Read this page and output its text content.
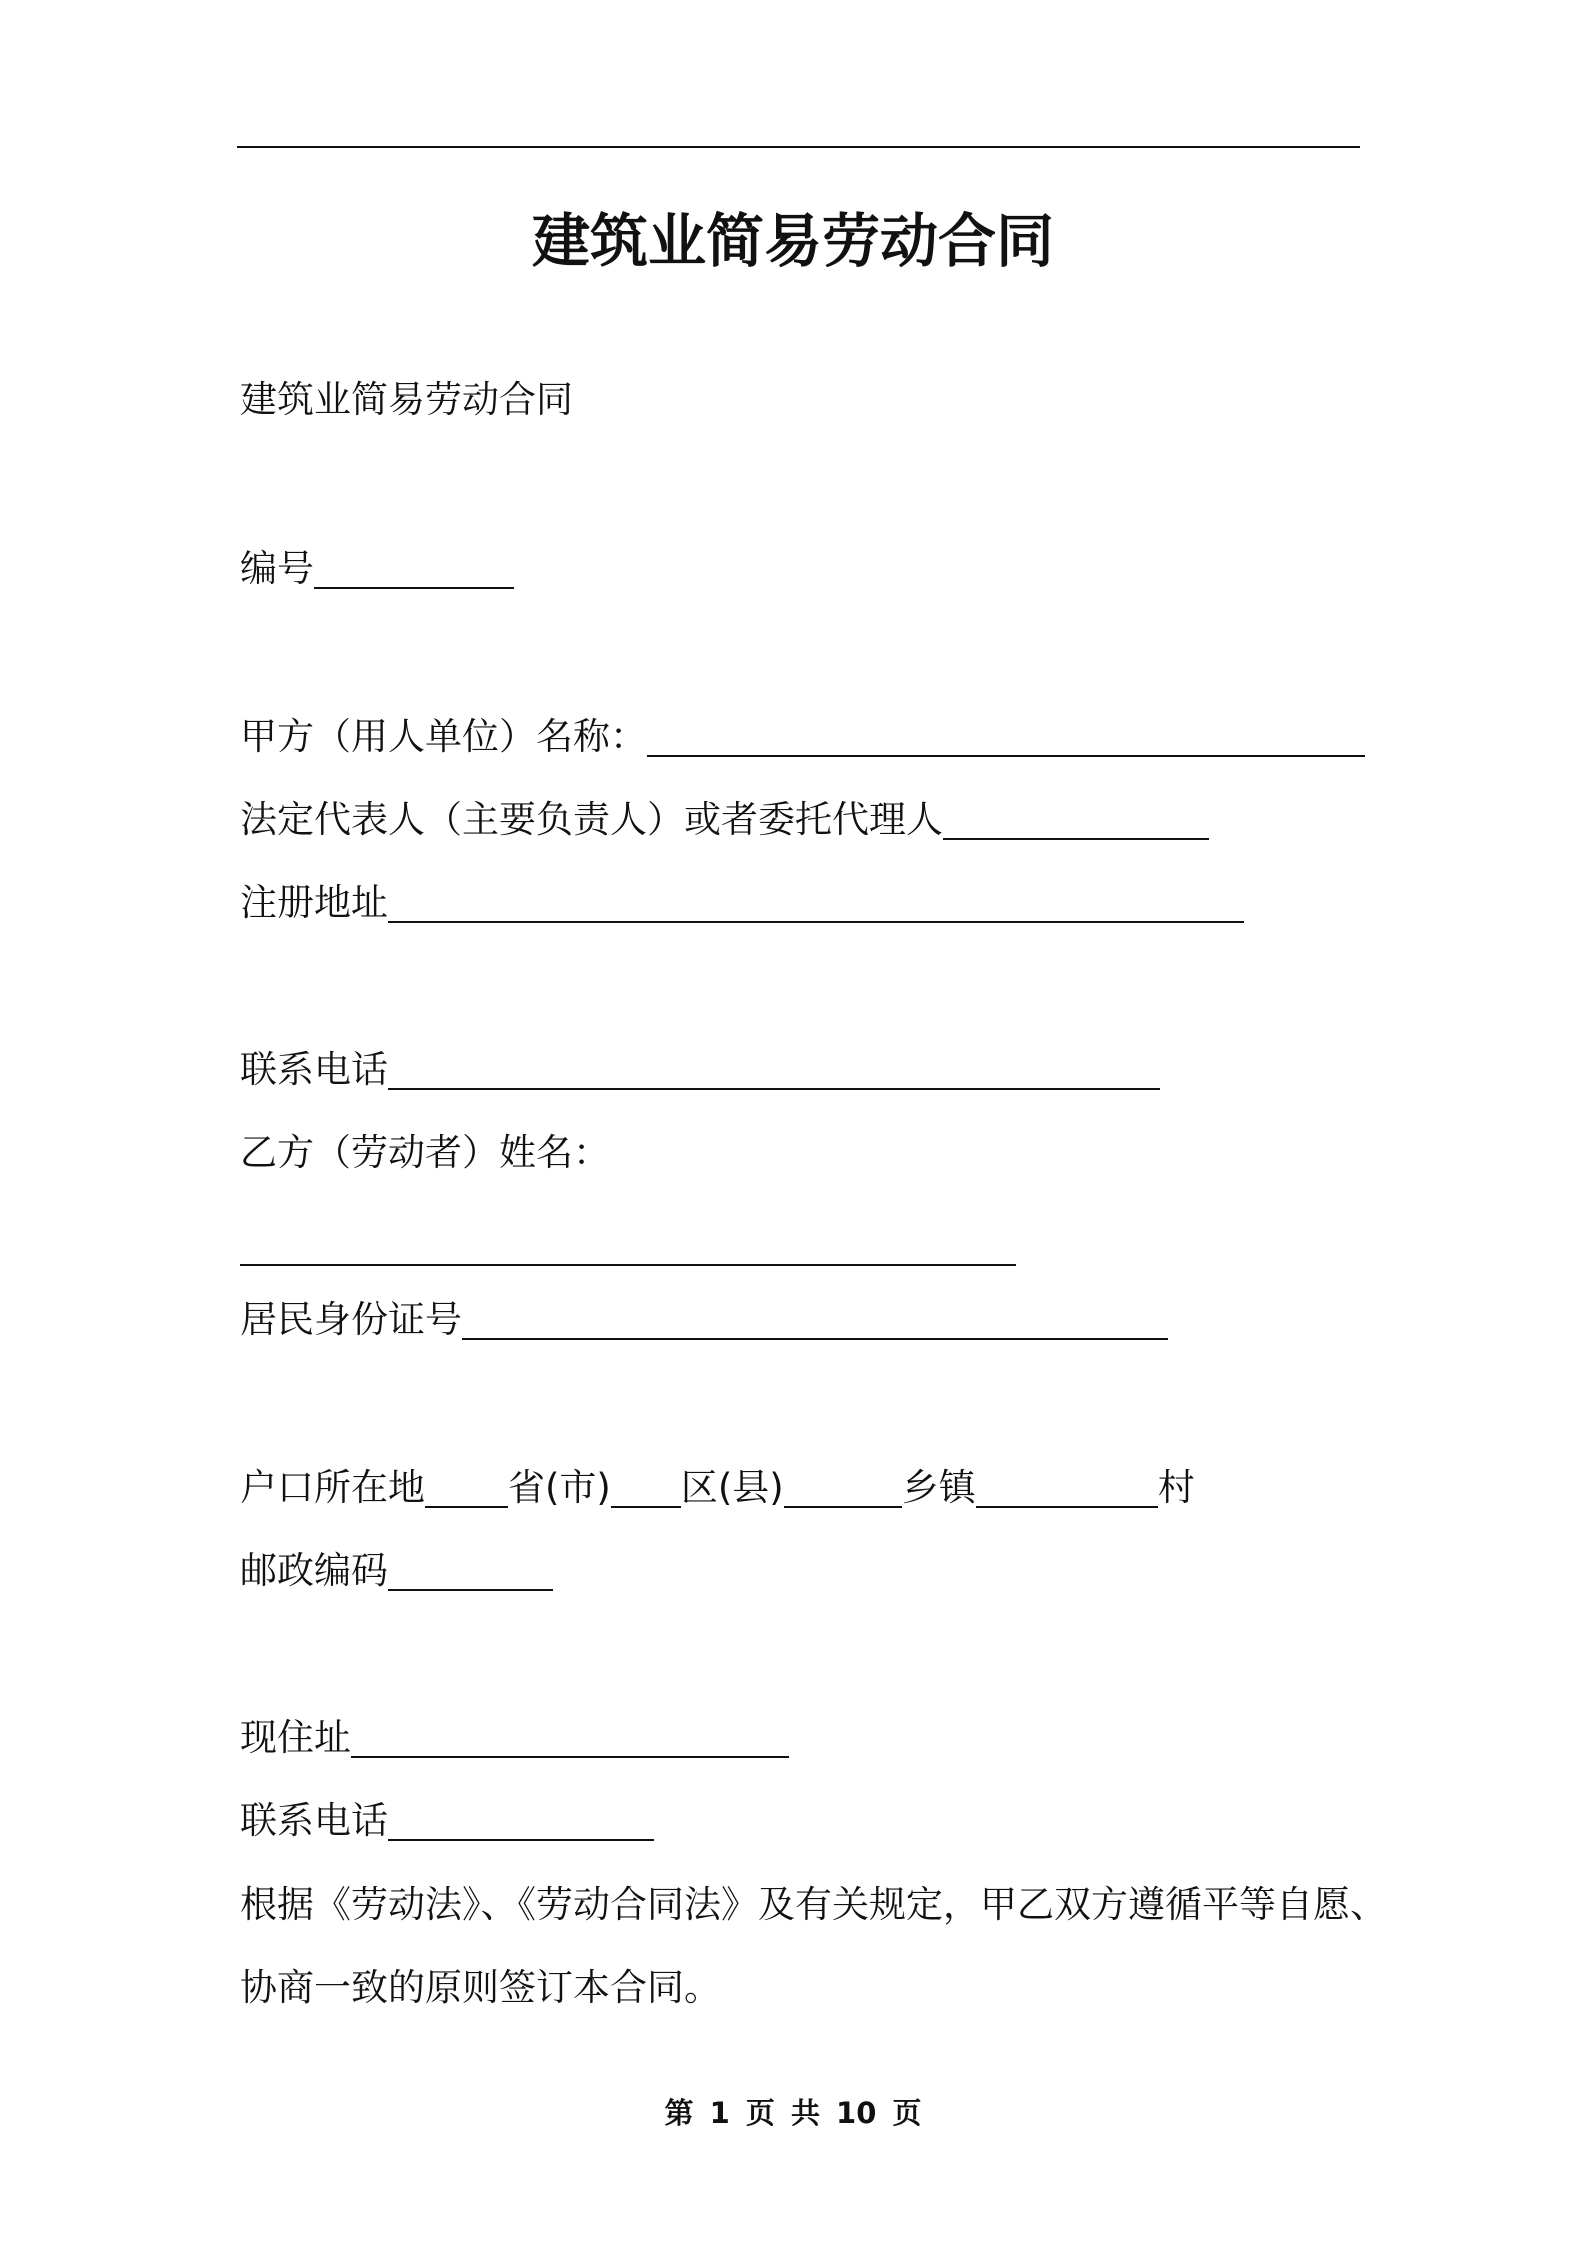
建筑业简易劳动合同
建筑业简易劳动合同
编号
甲方（用人单位）名称：
法定代表人（主要负责人）或者委托代理人
注册地址
联系电话
乙方（劳动者）姓名：
居民身份证号
户口所在地 省(市) 区(县)	乡镇	村
邮政编码
现住址
联系电话
根据《劳动法》、《劳动合同法》及有关规定，甲乙双方遵循平等自愿、
协商一致的原则签订本合同。
第 1 页 共 10 页
